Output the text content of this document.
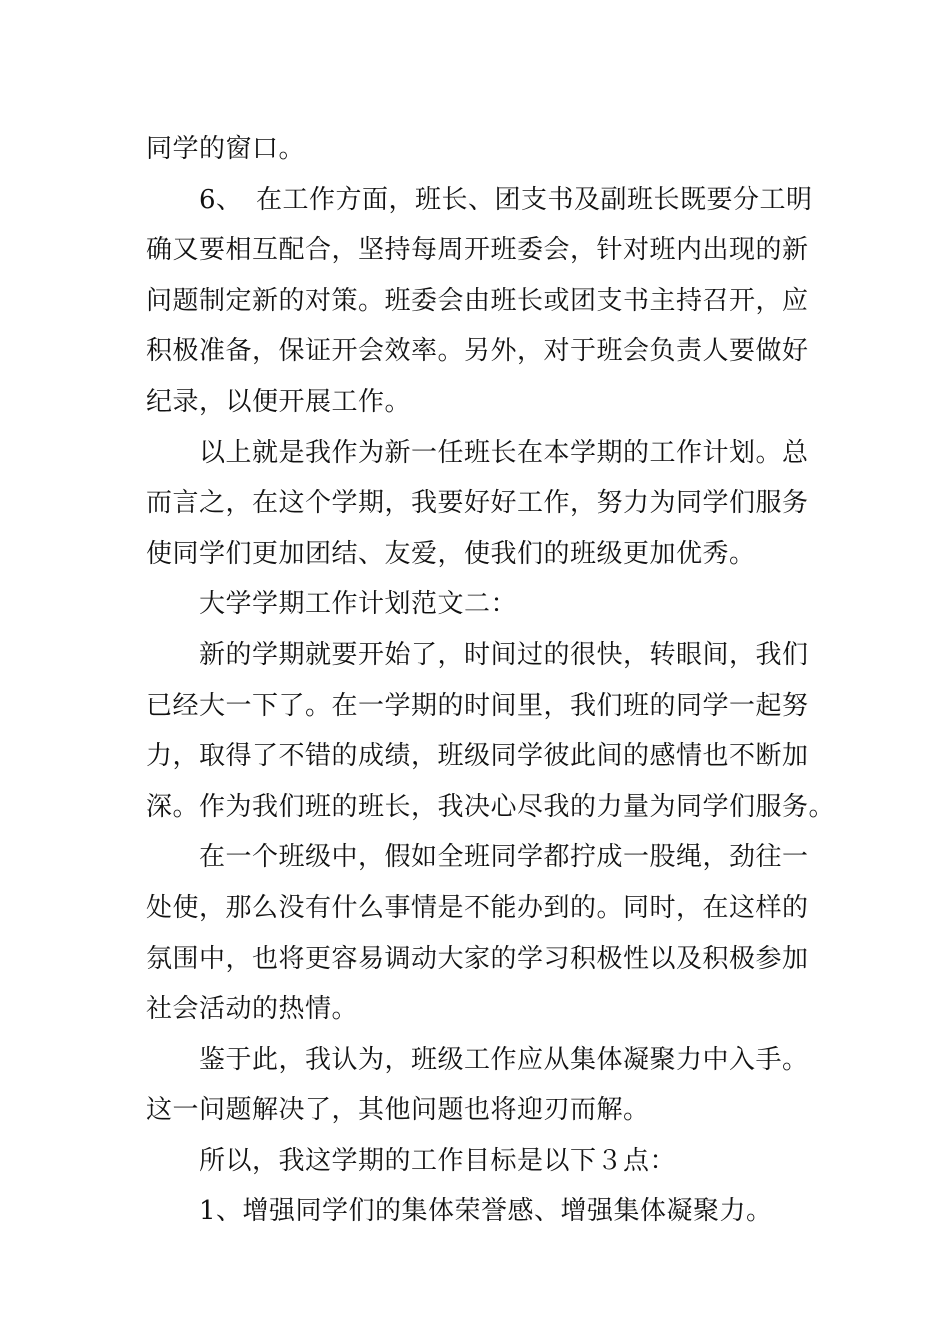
同学的窗口。
　　6、　在工作方面，班长、团支书及副班长既要分工明
确又要相互配合，坚持每周开班委会，针对班内出现的新
问题制定新的对策。班委会由班长或团支书主持召开，应
积极准备，保证开会效率。另外，对于班会负责人要做好
纪录，以便开展工作。
　　以上就是我作为新一任班长在本学期的工作计划。总
而言之，在这个学期，我要好好工作，努力为同学们服务
使同学们更加团结、友爱，使我们的班级更加优秀。
　　大学学期工作计划范文二：
　　新的学期就要开始了，时间过的很快，转眼间，我们
已经大一下了。在一学期的时间里，我们班的同学一起努
力，取得了不错的成绩，班级同学彼此间的感情也不断加
深。作为我们班的班长，我决心尽我的力量为同学们服务。
　　在一个班级中，假如全班同学都拧成一股绳，劲往一
处使，那么没有什么事情是不能办到的。同时，在这样的
氛围中，也将更容易调动大家的学习积极性以及积极参加
社会活动的热情。
　　鉴于此，我认为，班级工作应从集体凝聚力中入手。
这一问题解决了，其他问题也将迎刃而解。
　　所以，我这学期的工作目标是以下３点：
　　1、增强同学们的集体荣誉感、增强集体凝聚力。
